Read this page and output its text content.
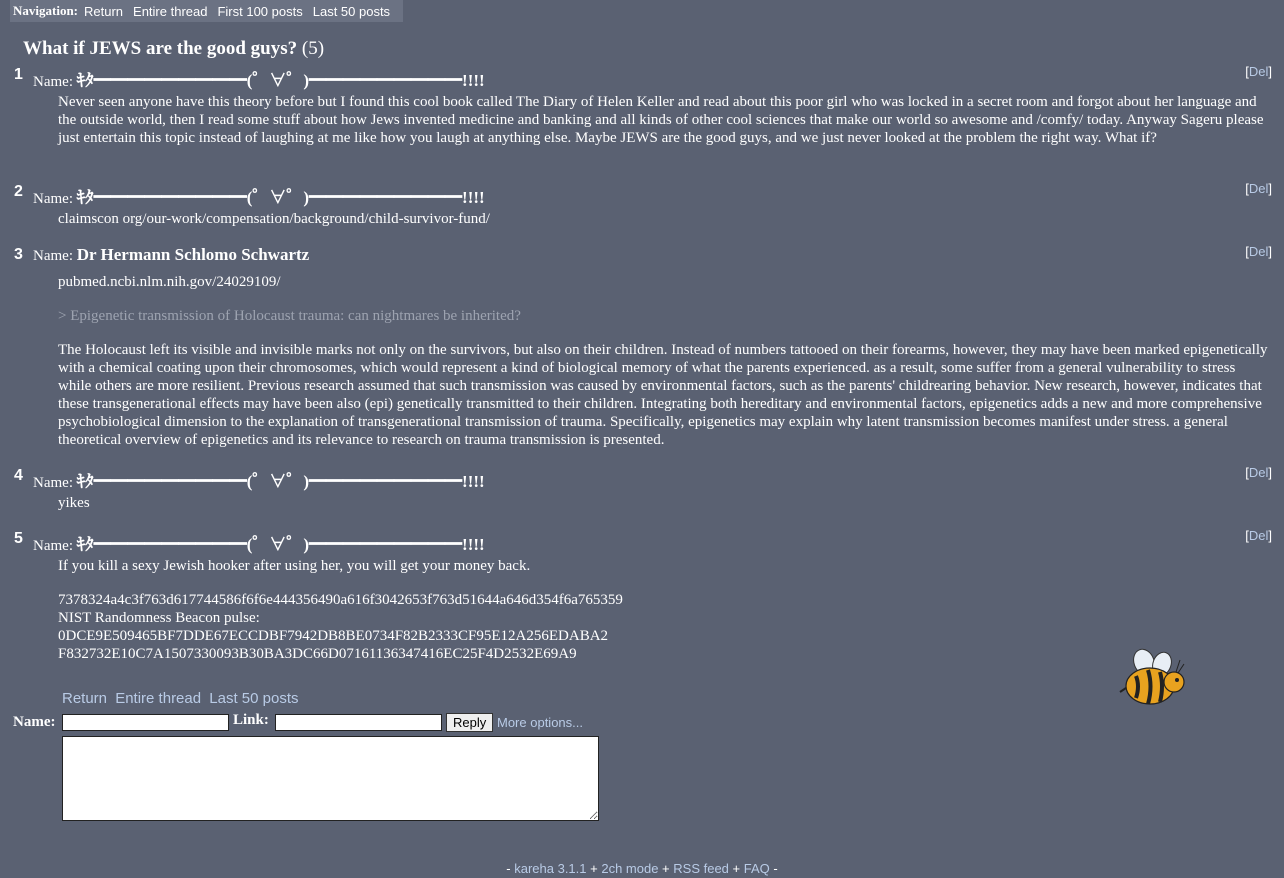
Navigation: Return Entire thread First 100 posts Last 50 posts
What if JEWS are the good guys? (5)
1 Name: ｷﾀ━━━━━━━━━(゜∀゜)━━━━━━━━━!!!!	[Del]

Never seen anyone have this theory before but I found this cool book called The Diary of Helen Keller and read about this poor girl who was locked in a secret room and forgot about her language and the outside world, then I read some stuff about how Jews invented medicine and banking and all kinds of other cool sciences that make our world so awesome and /comfy/ today. Anyway Sageru please just entertain this topic instead of laughing at me like how you laugh at anything else. Maybe JEWS are the good guys, and we just never looked at the problem the right way. What if?

2 Name: ｷﾀ━━━━━━━━━(゜∀゜)━━━━━━━━━!!!!	[Del]

claimscon org/our-work/compensation/background/child-survivor-fund/

3 Name: Dr Hermann Schlomo Schwartz	[Del]

pubmed.ncbi.nlm.nih.gov/24029109/

> Epigenetic transmission of Holocaust trauma: can nightmares be inherited?

The Holocaust left its visible and invisible marks not only on the survivors, but also on their children. Instead of numbers tattooed on their forearms, however, they may have been marked epigenetically with a chemical coating upon their chromosomes, which would represent a kind of biological memory of what the parents experienced. as a result, some suffer from a general vulnerability to stress while others are more resilient. Previous research assumed that such transmission was caused by environmental factors, such as the parents' childrearing behavior. New research, however, indicates that these transgenerational effects may have been also (epi) genetically transmitted to their children. Integrating both hereditary and environmental factors, epigenetics adds a new and more comprehensive psychobiological dimension to the explanation of transgenerational transmission of trauma. Specifically, epigenetics may explain why latent transmission becomes manifest under stress. a general theoretical overview of epigenetics and its relevance to research on trauma transmission is presented.

4 Name: ｷﾀ━━━━━━━━━(゜∀゜)━━━━━━━━━!!!!	[Del]

yikes

5 Name: ｷﾀ━━━━━━━━━(゜∀゜)━━━━━━━━━!!!!	[Del]

If you kill a sexy Jewish hooker after using her, you will get your money back.

7378324a4c3f763d617744586f6f6e444356490a616f3042653f763d51644a646d354f6a765359
NIST Randomness Beacon pulse:
0DCE9E509465BF7DDE67ECCDBF7942DB8BE0734F82B2333CF95E12A256EDABA2
F832732E10C7A1507330093B30BA3DC66D07161136347416EC25F4D2532E69A9
Return Entire thread Last 50 posts
Name:	Link:	Reply More options...
- kareha 3.1.1 + 2ch mode + RSS feed + FAQ -
